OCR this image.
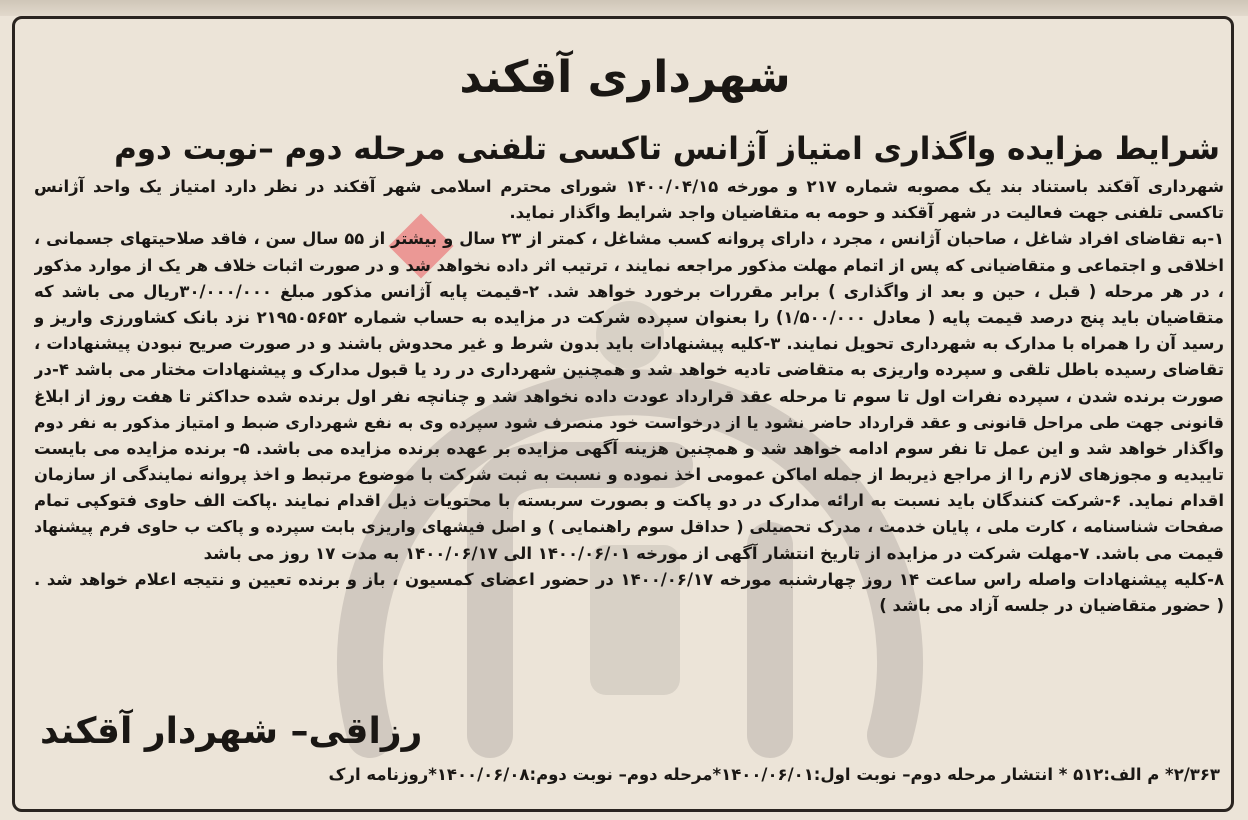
شهرداری آقکند
شرایط مزایده واگذاری امتیاز آژانس تاکسی تلفنی مرحله دوم –نوبت دوم
شهرداری آقکند باستناد بند یک مصوبه شماره ۲۱۷ و مورخه ۱۴۰۰/۰۴/۱۵ شورای محترم اسلامی شهر آقکند در نظر دارد امتیاز یک واحد آژانس
تاکسی تلفنی جهت فعالیت در شهر آقکند و حومه به متقاضیان واجد شرایط واگذار نماید.
۱-به تقاضای افراد شاغل ، صاحبان آژانس ، مجرد ، دارای پروانه کسب مشاغل ، کمتر از ۲۳ سال و بیشتر از ۵۵ سال سن ، فاقد صلاحیتهای جسمانی ،
اخلاقی و اجتماعی و متقاضیانی که پس از اتمام مهلت مذکور مراجعه نمایند ، ترتیب اثر داده نخواهد شد و در صورت اثبات خلاف هر یک از موارد مذکور
، در هر مرحله ( قبل ، حین و بعد از واگذاری ) برابر مقررات برخورد خواهد شد. ۲-قیمت پایه آژانس مذکور مبلغ ۳۰/۰۰۰/۰۰۰ریال می باشد که
متقاضیان باید پنج درصد قیمت پایه ( معادل ۱/۵۰۰/۰۰۰) را بعنوان سپرده شرکت در مزایده به حساب شماره ۲۱۹۵۰۵۶۵۲ نزد بانک کشاورزی واریز و
رسید آن را همراه با مدارک به شهرداری تحویل نمایند. ۳-کلیه پیشنهادات باید بدون شرط و غیر محدوش باشند و در صورت صریح نبودن پیشنهادات ،
تقاضای رسیده باطل تلقی و سپرده واریزی به متقاضی تادیه خواهد شد و همچنین شهرداری در رد یا قبول مدارک و پیشنهادات مختار می باشد ۴-در
صورت برنده شدن ، سپرده نفرات اول تا سوم تا مرحله عقد قرارداد عودت داده نخواهد شد و چنانچه نفر اول برنده شده حداکثر تا هفت روز از ابلاغ
قانونی جهت طی مراحل قانونی و عقد قرارداد حاضر نشود یا از درخواست خود منصرف شود سپرده وی به نفع شهرداری ضبط و امتیاز مذکور به نفر دوم
واگذار خواهد شد و این عمل تا نفر سوم ادامه خواهد شد و همچنین هزینه آگهی مزایده بر عهده برنده مزایده می باشد. ۵- برنده مزایده می بایست
تاییدیه و مجوزهای لازم را از مراجع ذیربط از جمله اماکن عمومی اخذ نموده و نسبت به ثبت شرکت با موضوع مرتبط و اخذ پروانه نمایندگی از سازمان
اقدام نماید. ۶-شرکت کنندگان باید نسبت به ارائه مدارک در دو پاکت و بصورت سربسته با محتویات ذیل اقدام نمایند .پاکت الف حاوی فتوکپی تمام
صفحات شناسنامه ، کارت ملی ، پایان خدمت ، مدرک تحصیلی ( حداقل سوم راهنمایی ) و اصل فیشهای واریزی بابت سپرده و پاکت ب حاوی فرم پیشنهاد
قیمت می باشد. ۷-مهلت شرکت در مزایده از تاریخ انتشار آگهی از مورخه ۱۴۰۰/۰۶/۰۱ الی ۱۴۰۰/۰۶/۱۷ به مدت ۱۷ روز می باشد
۸-کلیه پیشنهادات واصله راس ساعت ۱۴ روز چهارشنبه مورخه ۱۴۰۰/۰۶/۱۷ در حضور اعضای کمسیون ، باز و برنده تعیین و نتیجه اعلام خواهد شد .
( حضور متقاضیان در جلسه آزاد می باشد )
رزاقی– شهردار آقکند
۲/۳۶۳* م الف:۵۱۲ * انتشار مرحله دوم– نوبت اول:۱۴۰۰/۰۶/۰۱*مرحله دوم– نوبت دوم:۱۴۰۰/۰۶/۰۸*روزنامه ارک
